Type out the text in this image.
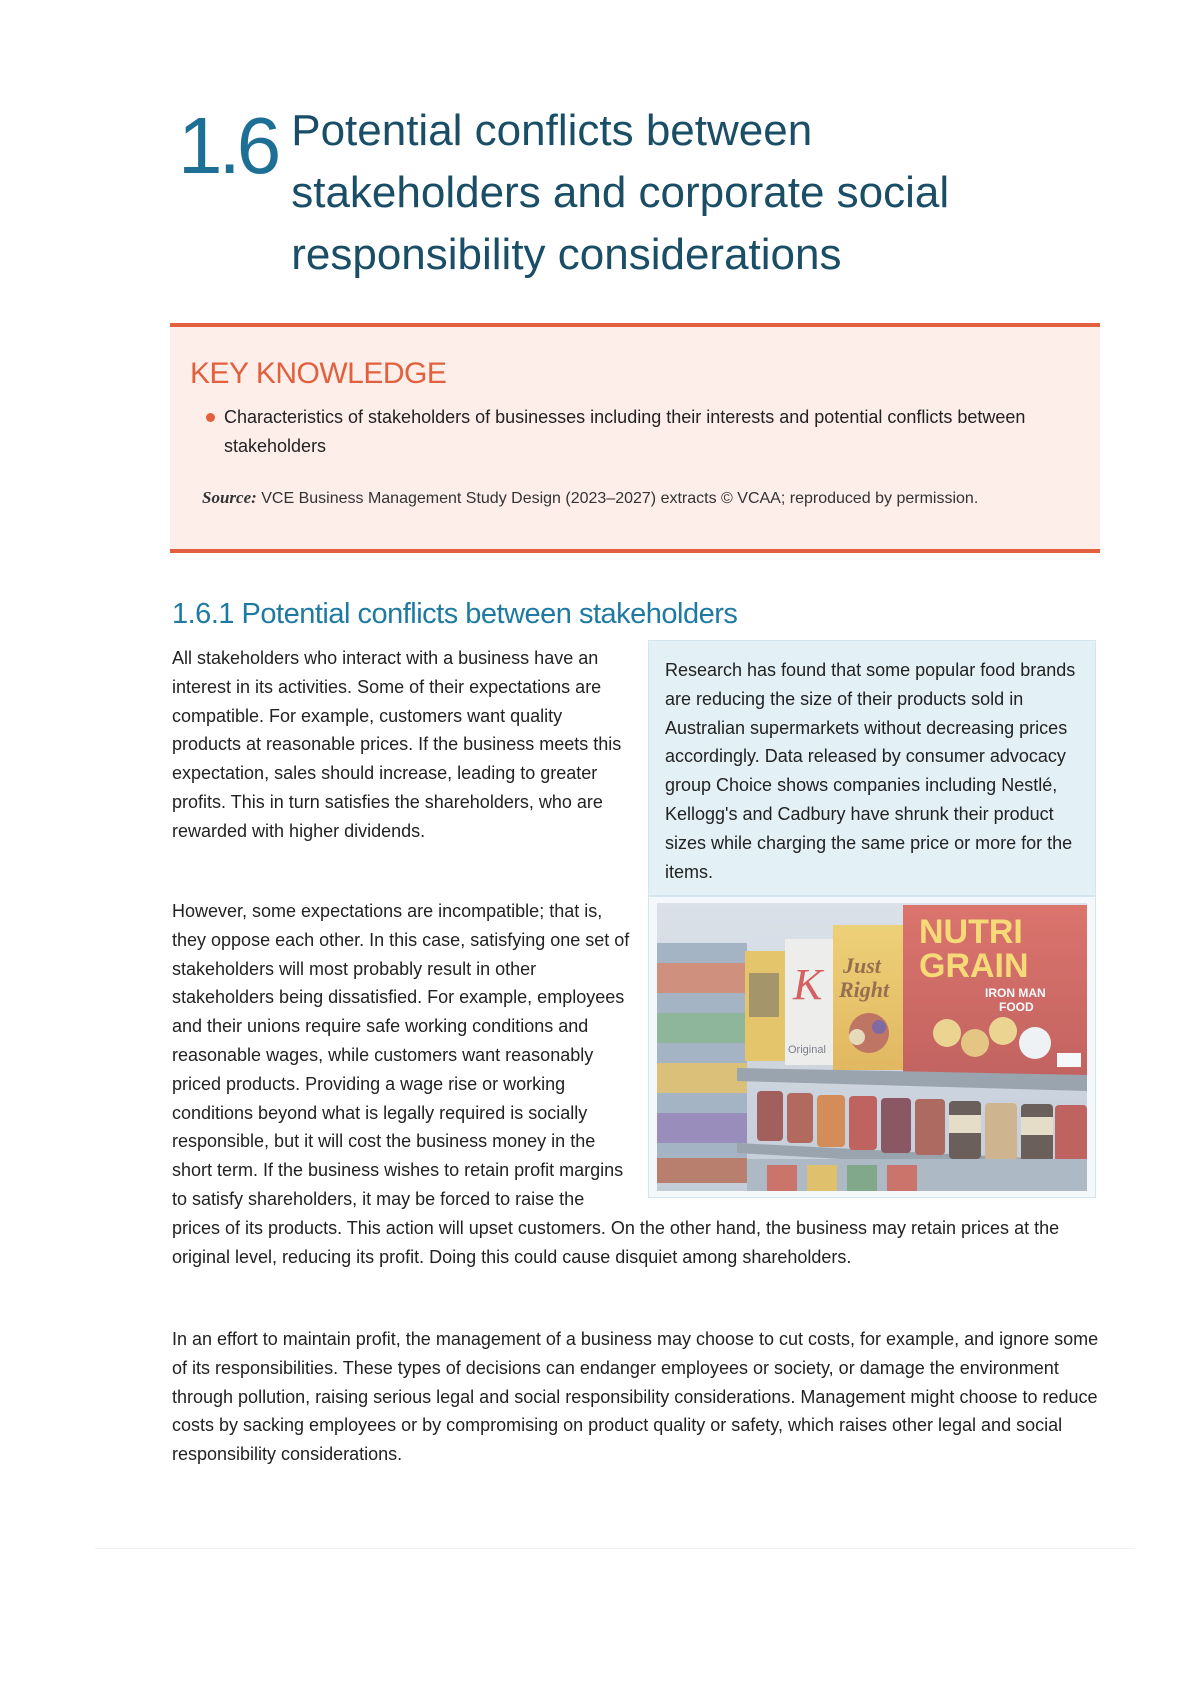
1.6 Potential conflicts between stakeholders and corporate social responsibility considerations
KEY KNOWLEDGE
Characteristics of stakeholders of businesses including their interests and potential conflicts between stakeholders
Source: VCE Business Management Study Design (2023–2027) extracts © VCAA; reproduced by permission.
1.6.1 Potential conflicts between stakeholders

All stakeholders who interact with a business have an interest in its activities. Some of their expectations are compatible. For example, customers want quality products at reasonable prices. If the business meets this expectation, sales should increase, leading to greater profits. This in turn satisfies the shareholders, who are rewarded with higher dividends.

However, some expectations are incompatible; that is, they oppose each other. In this case, satisfying one set of stakeholders will most probably result in other stakeholders being dissatisfied. For example, employees and their unions require safe working conditions and reasonable wages, while customers want reasonably priced products. Providing a wage rise or working conditions beyond what is legally required is socially responsible, but it will cost the business money in the short term. If the business wishes to retain profit margins to satisfy shareholders, it may be forced to raise the prices of its products. This action will upset customers. On the other hand, the business may retain prices at the original level, reducing its profit. Doing this could cause disquiet among shareholders.

In an effort to maintain profit, the management of a business may choose to cut costs, for example, and ignore some of its responsibilities. These types of decisions can endanger employees or society, or damage the environment through pollution, raising serious legal and social responsibility considerations. Management might choose to reduce costs by sacking employees or by compromising on product quality or safety, which raises other legal and social responsibility considerations.

Research has found that some popular food brands are reducing the size of their products sold in Australian supermarkets without decreasing prices accordingly. Data released by consumer advocacy group Choice shows companies including Nestlé, Kellogg's and Cadbury have shrunk their product sizes while charging the same price or more for the items.
K
Original
Just
Right
NUTRI
GRAIN
IRON MAN
FOOD
